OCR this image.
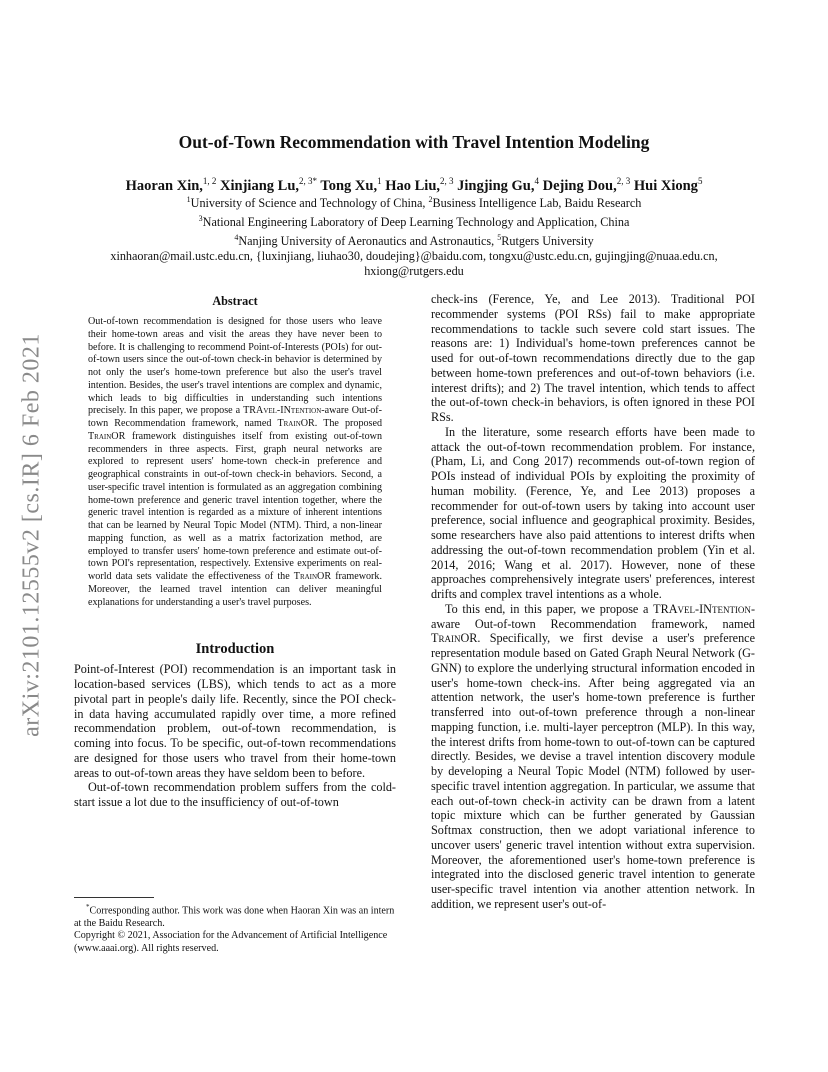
arXiv:2101.12555v2 [cs.IR] 6 Feb 2021
Out-of-Town Recommendation with Travel Intention Modeling
Haoran Xin,$^{1, 2}$ Xinjiang Lu,$^{2, 3*}$ Tong Xu,$^1$ Hao Liu,$^{2, 3}$ Jingjing Gu,$^4$ Dejing Dou,$^{2, 3}$ Hui Xiong$^5$
$^1$University of Science and Technology of China, $^2$Business Intelligence Lab, Baidu Research
$^3$National Engineering Laboratory of Deep Learning Technology and Application, China
$^4$Nanjing University of Aeronautics and Astronautics, $^5$Rutgers University
xinhaoran@mail.ustc.edu.cn, {luxinjiang, liuhao30, doudejing}@baidu.com, tongxu@ustc.edu.cn, gujingjing@nuaa.edu.cn,
hxiong@rutgers.edu
Abstract

Out-of-town recommendation is designed for those users who leave their home-town areas and visit the areas they have never been to before. It is challenging to recommend Point-of-Interests (POIs) for out-of-town users since the out-of-town check-in behavior is determined by not only the user's home-town preference but also the user's travel intention. Besides, the user's travel intentions are complex and dynamic, which leads to big difficulties in understanding such intentions precisely. In this paper, we propose a TRAvel-INtention-aware Out-of-town Recommendation framework, named TrainOR. The proposed TrainOR framework distinguishes itself from existing out-of-town recommenders in three aspects. First, graph neural networks are explored to represent users' home-town check-in preference and geographical constraints in out-of-town check-in behaviors. Second, a user-specific travel intention is formulated as an aggregation combining home-town preference and generic travel intention together, where the generic travel intention is regarded as a mixture of inherent intentions that can be learned by Neural Topic Model (NTM). Third, a non-linear mapping function, as well as a matrix factorization method, are employed to transfer users' home-town preference and estimate out-of-town POI's representation, respectively. Extensive experiments on real-world data sets validate the effectiveness of the TrainOR framework. Moreover, the learned travel intention can deliver meaningful explanations for understanding a user's travel purposes.

Introduction

Point-of-Interest (POI) recommendation is an important task in location-based services (LBS), which tends to act as a more pivotal part in people's daily life. Recently, since the POI check-in data having accumulated rapidly over time, a more refined recommendation problem, out-of-town recommendation, is coming into focus. To be specific, out-of-town recommendations are designed for those users who travel from their home-town areas to out-of-town areas they have seldom been to before.

Out-of-town recommendation problem suffers from the cold-start issue a lot due to the insufficiency of out-of-town

*Corresponding author. This work was done when Haoran Xin was an intern at the Baidu Research.

Copyright © 2021, Association for the Advancement of Artificial Intelligence (www.aaai.org). All rights reserved.

check-ins (Ference, Ye, and Lee 2013). Traditional POI recommender systems (POI RSs) fail to make appropriate recommendations to tackle such severe cold start issues. The reasons are: 1) Individual's home-town preferences cannot be used for out-of-town recommendations directly due to the gap between home-town preferences and out-of-town behaviors (i.e. interest drifts); and 2) The travel intention, which tends to affect the out-of-town check-in behaviors, is often ignored in these POI RSs.

In the literature, some research efforts have been made to attack the out-of-town recommendation problem. For instance, (Pham, Li, and Cong 2017) recommends out-of-town region of POIs instead of individual POIs by exploiting the proximity of human mobility. (Ference, Ye, and Lee 2013) proposes a recommender for out-of-town users by taking into account user preference, social influence and geographical proximity. Besides, some researchers have also paid attentions to interest drifts when addressing the out-of-town recommendation problem (Yin et al. 2014, 2016; Wang et al. 2017). However, none of these approaches comprehensively integrate users' preferences, interest drifts and complex travel intentions as a whole.

To this end, in this paper, we propose a TRAvel-INtention-aware Out-of-town Recommendation framework, named TrainOR. Specifically, we first devise a user's preference representation module based on Gated Graph Neural Network (G-GNN) to explore the underlying structural information encoded in user's home-town check-ins. After being aggregated via an attention network, the user's home-town preference is further transferred into out-of-town preference through a non-linear mapping function, i.e. multi-layer perceptron (MLP). In this way, the interest drifts from home-town to out-of-town can be captured directly. Besides, we devise a travel intention discovery module by developing a Neural Topic Model (NTM) followed by user-specific travel intention aggregation. In particular, we assume that each out-of-town check-in activity can be drawn from a latent topic mixture which can be further generated by Gaussian Softmax construction, then we adopt variational inference to uncover users' generic travel intention without extra supervision. Moreover, the aforementioned user's home-town preference is integrated into the disclosed generic travel intention to generate user-specific travel intention via another attention network. In addition, we represent user's out-of-
